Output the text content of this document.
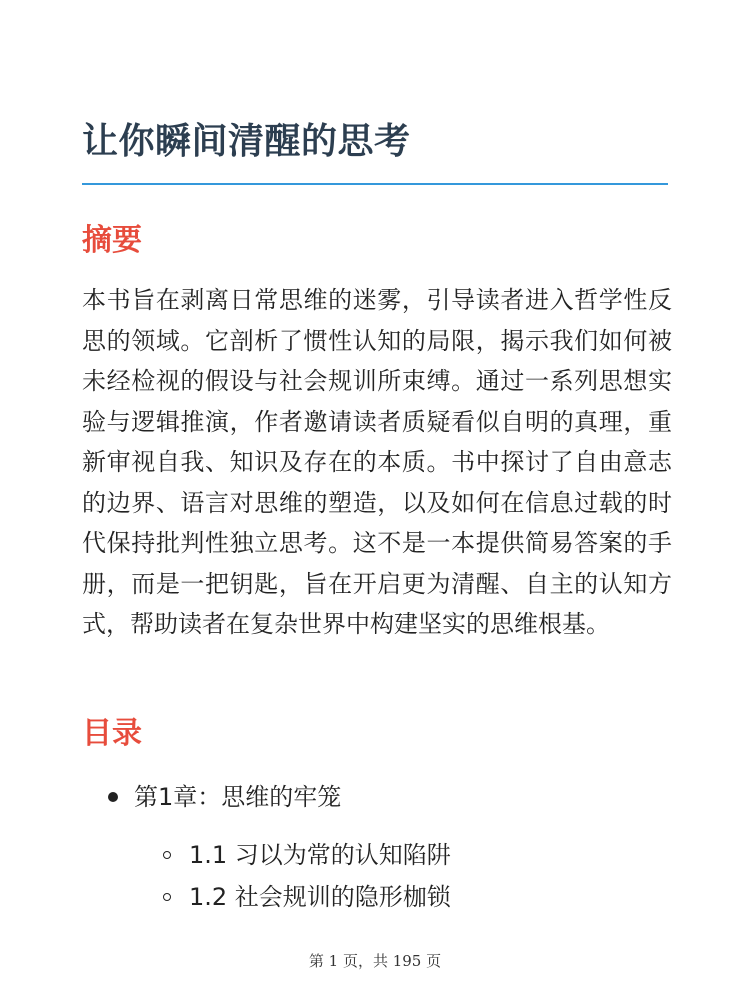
让你瞬间清醒的思考
摘要

本书旨在剥离日常思维的迷雾，引导读者进入哲学性反思的领域。它剖析了惯性认知的局限，揭示我们如何被未经检视的假设与社会规训所束缚。通过一系列思想实验与逻辑推演，作者邀请读者质疑看似自明的真理，重新审视自我、知识及存在的本质。书中探讨了自由意志的边界、语言对思维的塑造，以及如何在信息过载的时代保持批判性独立思考。这不是一本提供简易答案的手册，而是一把钥匙，旨在开启更为清醒、自主的认知方式，帮助读者在复杂世界中构建坚实的思维根基。

目录
第1章：思维的牢笼
1.1 习以为常的认知陷阱
1.2 社会规训的隐形枷锁
第 1 页，共 195 页
